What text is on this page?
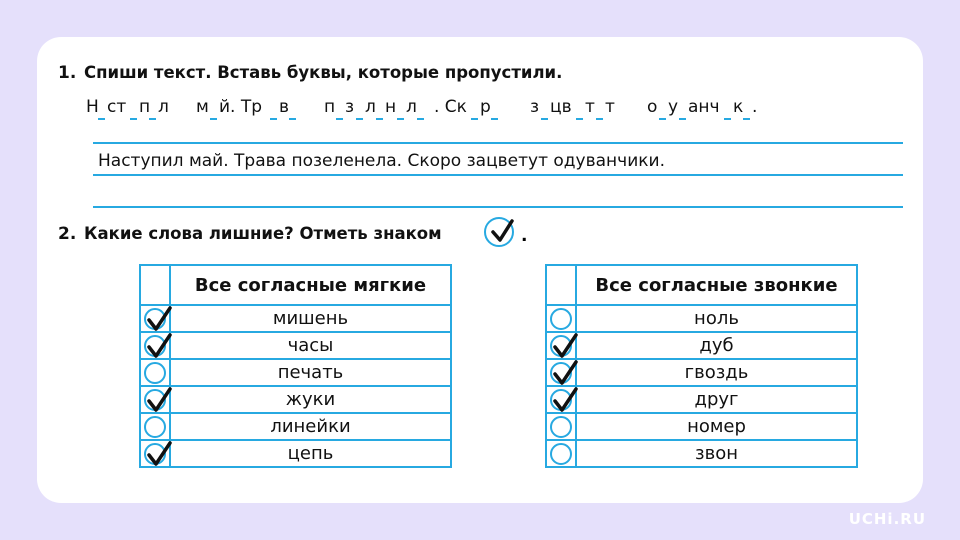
1. Спиши текст. Вставь буквы, которые пропустили.
Н ст п л м й. Тр в п з л н л . Ск р з цв т т о у анч к .
Наступил май. Трава позеленела. Скоро зацветут одуванчики.
2. Какие слова лишние? Отметь знаком	.
	Все согласные мягкие

	мишень

	часы

	печать

	жуки

	линейки

	цепь
	Все согласные звонкие

	ноль

	дуб

	гвоздь

	друг

	номер

	звон
UCHi.RU
